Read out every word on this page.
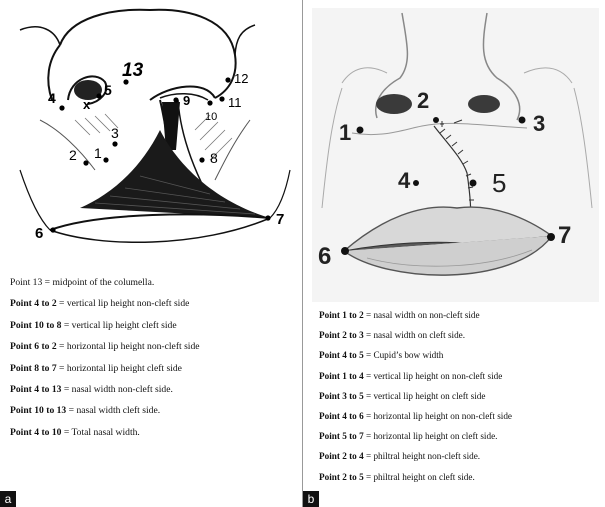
4 x
5
13
9
12
11
10
3
2 1	8
6
7
Point 13 = midpoint of the columella.
Point 4 to 2 = vertical lip height non-cleft side
Point 10 to 8 = vertical lip height cleft side
Point 6 to 2 = horizontal lip height non-cleft side
Point 8 to 7 = horizontal lip height cleft side
Point 4 to 13 = nasal width non-cleft side.
Point 10 to 13 = nasal width cleft side.
Point 4 to 10 = Total nasal width.
a
1
2
3
4	5
6
7
Point 1 to 2 = nasal width on non-cleft side
Point 2 to 3 = nasal width on cleft side.
Point 4 to 5 = Cupid’s bow width
Point 1 to 4 = vertical lip height on non-cleft side
Point 3 to 5 = vertical lip height on cleft side
Point 4 to 6 = horizontal lip height on non-cleft side
Point 5 to 7 = horizontal lip height on cleft side.
Point 2 to 4 = philtral height non-cleft side.
Point 2 to 5 = philtral height on cleft side.
b
